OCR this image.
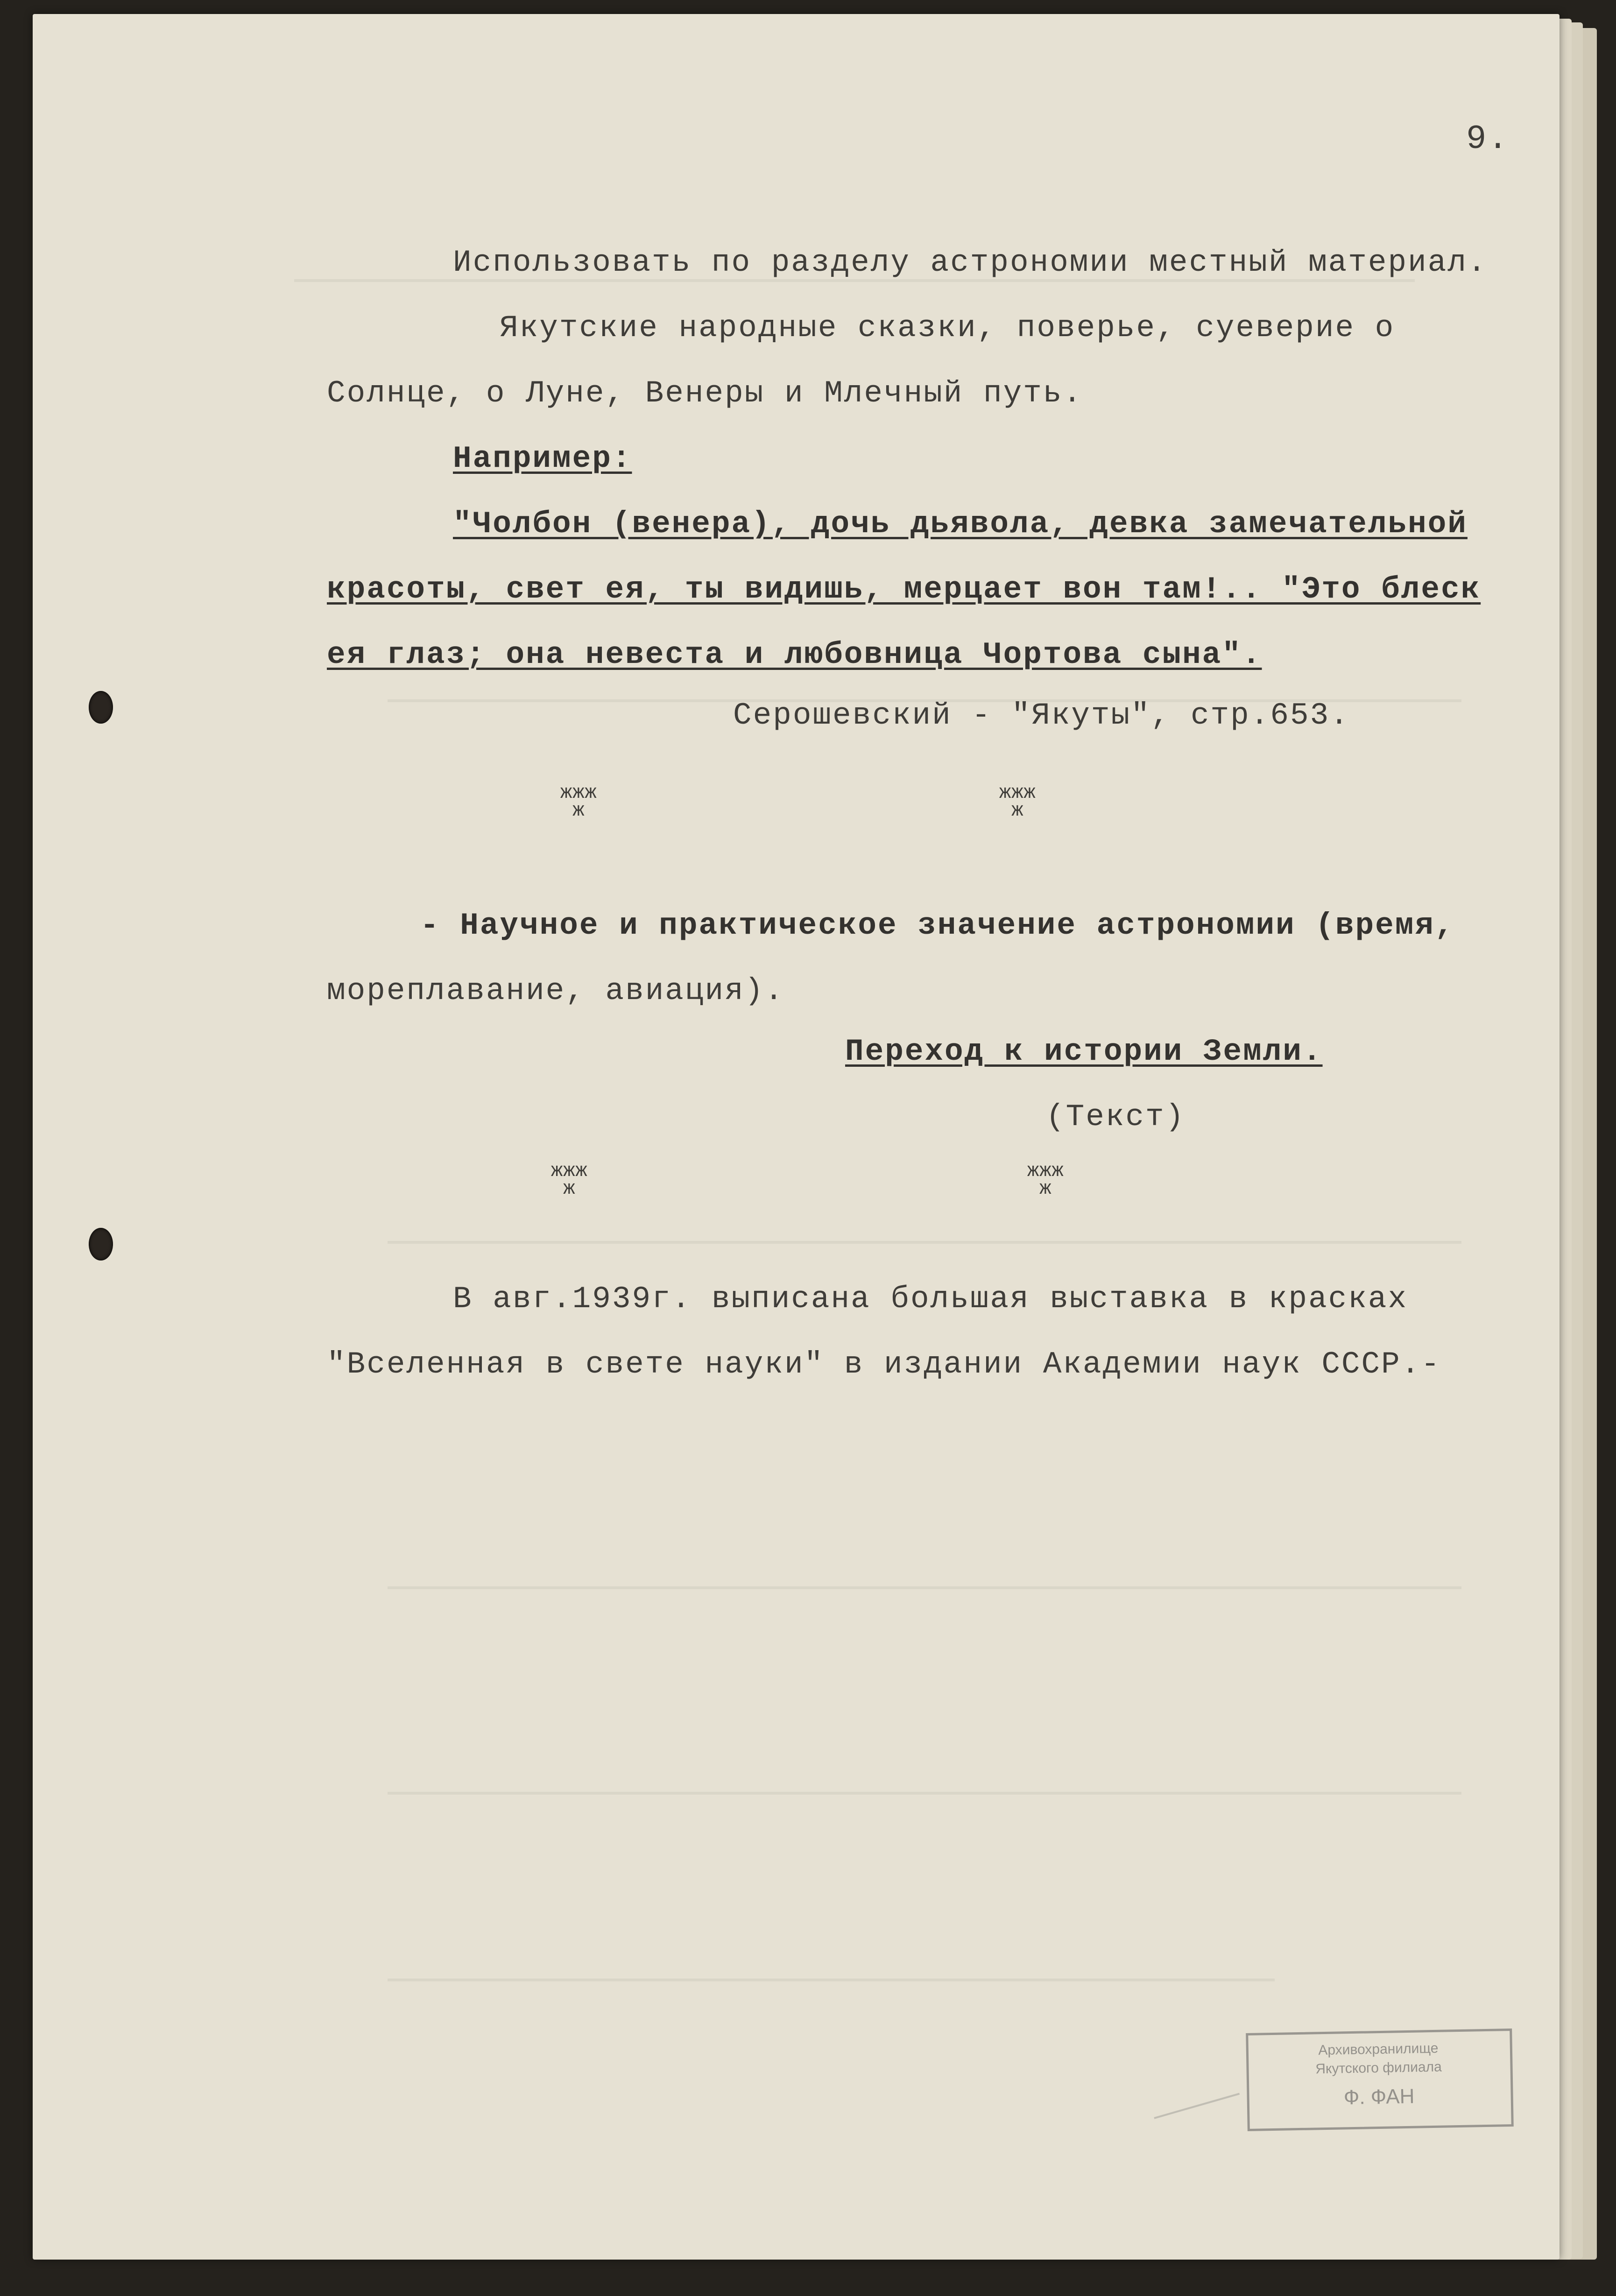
9.
Использовать по разделу астрономии местный материал.
Якутские народные сказки, поверье, суеверие о
Солнце, о Луне, Венеры и Млечный путь.
Например:
"Чолбон (венера), дочь дьявола, девка замечательной
красоты, свет ея, ты видишь, мерцает вон там!.. "Это блеск
ея глаз; она невеста и любовница Чортова сына".
Серошевский - "Якуты", стр.653.
жжж
ж
жжж
ж
- Научное и практическое значение астрономии (время,
мореплавание, авиация).
Переход к истории Земли.
(Текст)
жжж
ж
жжж
ж
В авг.1939г. выписана большая выставка в красках
"Вселенная в свете науки" в издании Академии наук СССР.-
Архивохранилище
Якутского филиала
Ф. ФАН
